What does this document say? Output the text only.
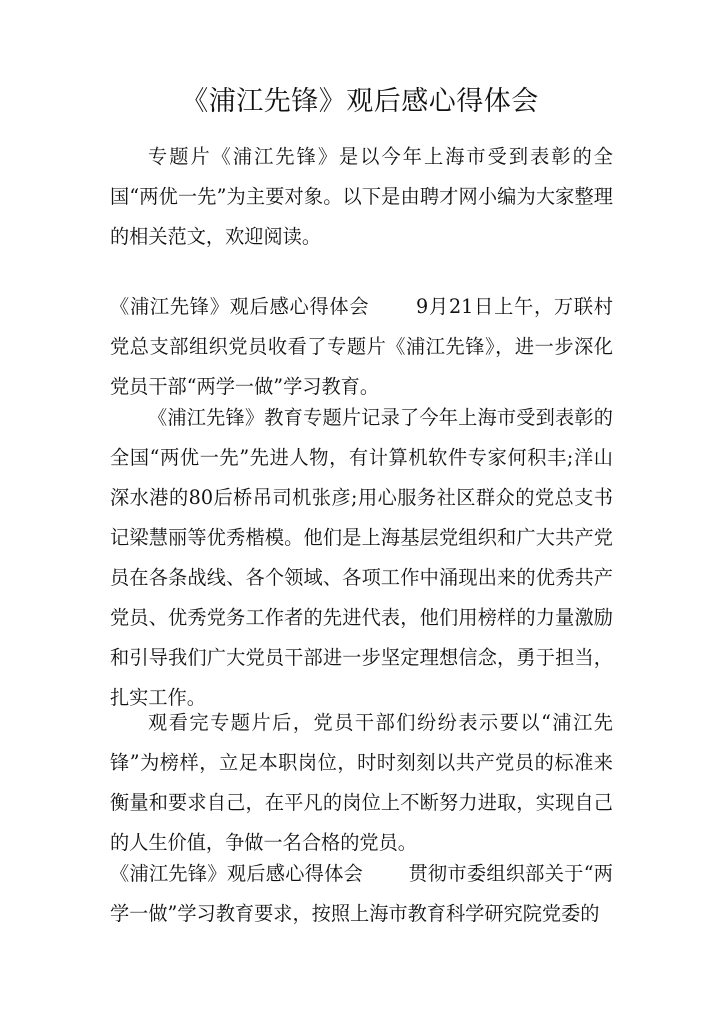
《浦江先锋》观后感心得体会

专题片《浦江先锋》是以今年上海市受到表彰的全国“两优一先”为主要对象。以下是由聘才网小编为大家整理的相关范文，欢迎阅读。

《浦江先锋》观后感心得体会　　 9月21日上午，万联村党总支部组织党员收看了专题片《浦江先锋》，进一步深化党员干部“两学一做”学习教育。

《浦江先锋》教育专题片记录了今年上海市受到表彰的全国“两优一先”先进人物，有计算机软件专家何积丰;洋山深水港的80后桥吊司机张彦;用心服务社区群众的党总支书记梁慧丽等优秀楷模。他们是上海基层党组织和广大共产党员在各条战线、各个领域、各项工作中涌现出来的优秀共产党员、优秀党务工作者的先进代表，他们用榜样的力量激励和引导我们广大党员干部进一步坚定理想信念，勇于担当，扎实工作。

观看完专题片后，党员干部们纷纷表示要以“浦江先锋”为榜样，立足本职岗位，时时刻刻以共产党员的标准来衡量和要求自己，在平凡的岗位上不断努力进取，实现自己的人生价值，争做一名合格的党员。

《浦江先锋》观后感心得体会　　 贯彻市委组织部关于“两学一做”学习教育要求，按照上海市教育科学研究院党委的
